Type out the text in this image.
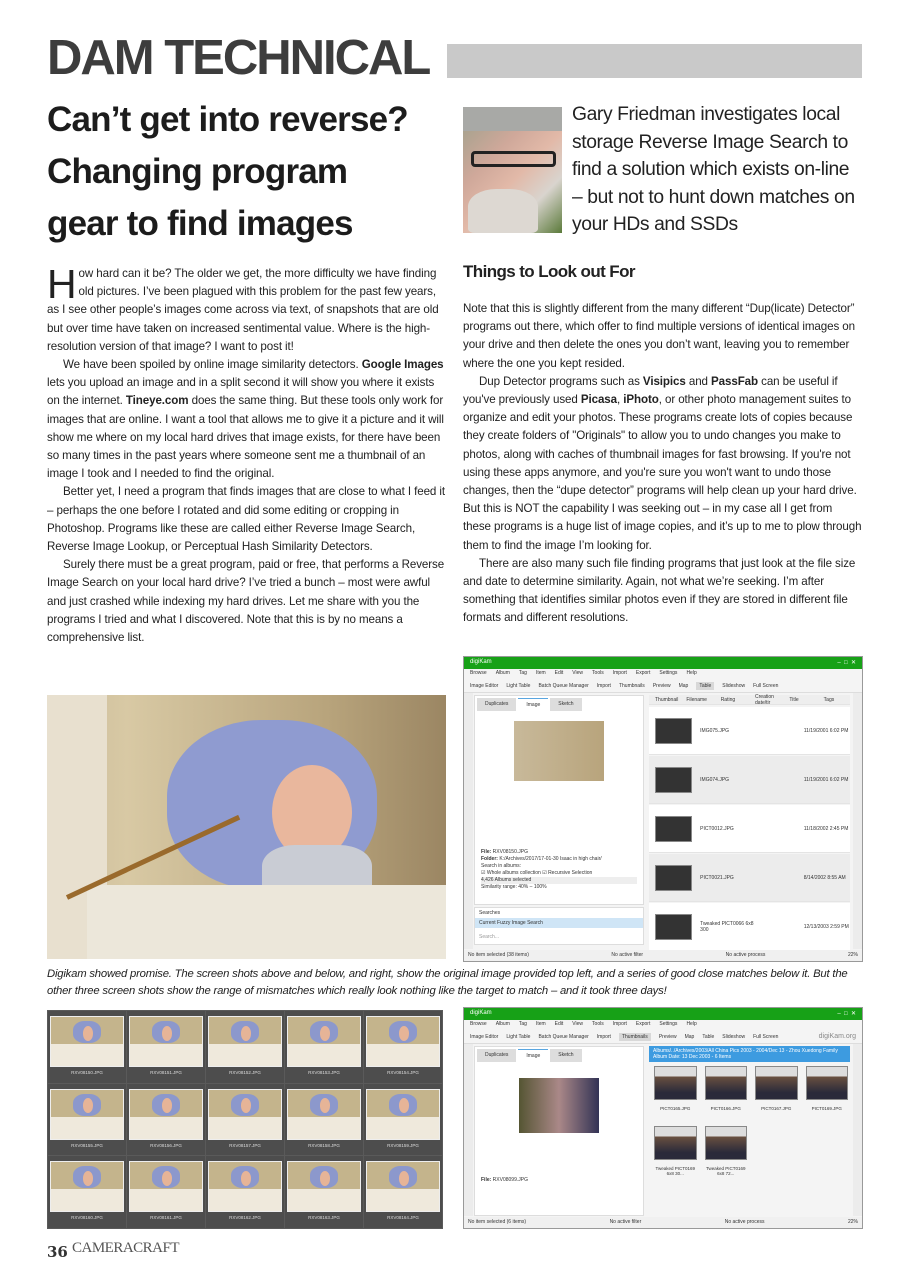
DAM TECHNICAL
Can’t get into reverse?
Changing program
gear to find images
Gary Friedman investigates local storage Reverse Image Search to find a solution which exists on-line – but not to hunt down matches on your HDs and SSDs

How hard can it be? The older we get, the more difficulty we have finding old pictures. I’ve been plagued with this problem for the past few years, as I see other people’s images come across via text, of snapshots that are old but over time have taken on increased sentimental value. Where is the high-resolution version of that image? I want to post it!

We have been spoiled by online image similarity detectors. Google Images lets you upload an image and in a split second it will show you where it exists on the internet. Tineye.com does the same thing. But these tools only work for images that are online. I want a tool that allows me to give it a picture and it will show me where on my local hard drives that image exists, for there have been so many times in the past years where someone sent me a thumbnail of an image I took and I needed to find the original.

Better yet, I need a program that finds images that are close to what I feed it – perhaps the one before I rotated and did some editing or cropping in Photoshop. Programs like these are called either Reverse Image Search, Reverse Image Lookup, or Perceptual Hash Similarity Detectors.

Surely there must be a great program, paid or free, that performs a Reverse Image Search on your local hard drive? I’ve tried a bunch – most were awful and just crashed while indexing my hard drives. Let me share with you the programs I tried and what I discovered. Note that this is by no means a comprehensive list.

Things to Look out For

Note that this is slightly different from the many different “Dup(licate) Detector” programs out there, which offer to find multiple versions of identical images on your drive and then delete the ones you don’t want, leaving you to remember where the one you kept resided.

Dup Detector programs such as Visipics and PassFab can be useful if you've previously used Picasa, iPhoto, or other photo management suites to organize and edit your photos. These programs create lots of copies because they create folders of "Originals" to allow you to undo changes you make to photos, along with caches of thumbnail images for fast browsing. If you're not using these apps anymore, and you're sure you won't want to undo those changes, then the “dupe detector” programs will help clean up your hard drive. But this is NOT the capability I was seeking out – in my case all I get from these programs is a huge list of image copies, and it’s up to me to plow through them to find the image I’m looking for.

There are also many such file finding programs that just look at the file size and date to determine similarity. Again, not what we’re seeking. I’m after something that identifies similar photos even if they are stored in different file formats and different resolutions.

digiKam	–  □  ✕
Browse Album Tag Item Edit View Tools Import Export Settings Help
Image Editor Light Table Batch Queue Manager Import Thumbnails Preview Map	Table	Slideshow Full Screen
Duplicates	Image	Sketch
File: RXV08150.JPG
Folder: K:/Archives/2017/17-01-30 Isaac in high chair/
Search in albums:
☑ Whole albums collection ☑ Recursive Selection
4,426 Albums selected
Similarity range: 40% – 100%
Searches
Current Fuzzy Image Search
Search...
Thumbnail Filename	Rating	Creation date/tir	Title	Tags
IMG075.JPG	11/19/2001 6:02 PM
IMG074.JPG	11/19/2001 6:02 PM
PICT0012.JPG	11/18/2002 2:45 PM
PICT0021.JPG	8/14/2002 8:55 AM
Tweaked PICT0066 6x8 300	12/13/2003 2:59 PM
No item selected (38 items)	No active filter	No active process	22%
Digikam showed promise. The screen shots above and below, and right, show the original image provided top left, and a series of good close matches below it. But the other three screen shots show the range of mismatches which really look nothing like the target to match – and it took three days!
RXV08150.JPG	RXV08151.JPG	RXV08152.JPG	RXV08153.JPG	RXV08154.JPG
RXV08155.JPG	RXV08156.JPG	RXV08157.JPG	RXV08158.JPG	RXV08159.JPG
RXV08160.JPG	RXV08161.JPG	RXV08162.JPG	RXV08163.JPG	RXV08164.JPG
digiKam	–  □  ✕
Browse Album Tag Item Edit View Tools Import Export Settings Help
Image Editor Light Table Batch Queue Manager Import	Thumbnails	Preview Map Table Slideshow Full Screen	digiKam.org
Duplicates	Image	Sketch
File: RXV08099.JPG
Albums/../Archives/2003/All China Pics 2003 - 2004/Dec 13 - Zhou Xuedong Family
Album Date: 13 Dec 2003 - 6 Items
PICT0165.JPG	PICT0166.JPG	PICT0167.JPG	PICT0169.JPG
Tweaked PICT0169 6x8 30...
Tweaked PICT0169 6x8 72...
No item selected (6 items)	No active filter	No active process	22%
36 CAMERACRAFT
